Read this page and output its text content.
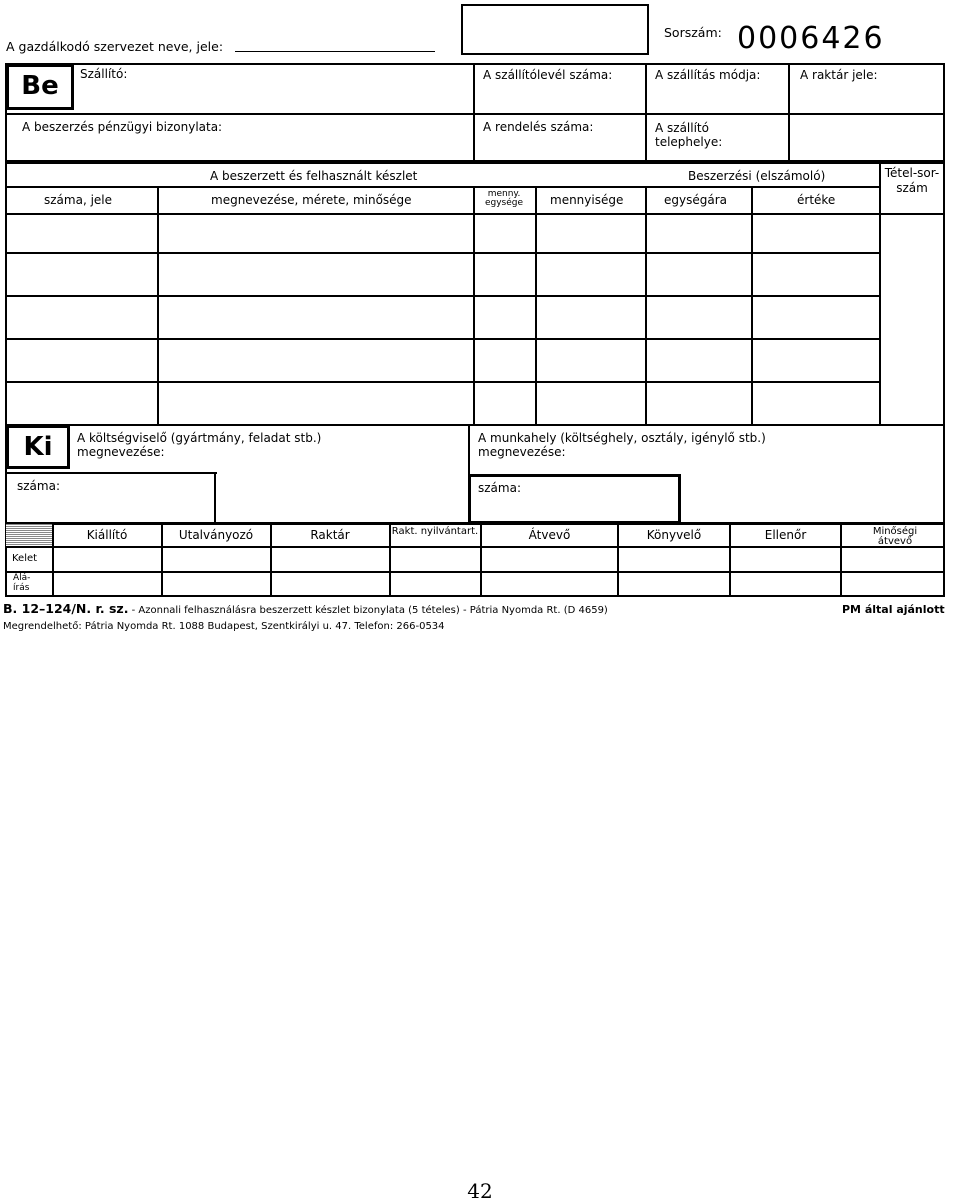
A gazdálkodó szervezet neve, jele:
Sorszám: 0006426
Be	Szállító:	A szállítólevél száma:	A szállítás módja:	A raktár jele:
A beszerzés pénzügyi bizonylata:	A rendelés száma:	A szállító telephelye:
A beszerzett és felhasznált készlet	Beszerzési (elszámoló)
száma, jele	megnevezése, mérete, minősége	menny. egysége	mennyisége	egységára	értéke
Tétel-sor-szám
Ki	A költségviselő (gyártmány, feladat stb.) megnevezése:
A munkahely (költséghely, osztály, igénylő stb.) megnevezése:
száma:	száma:
Kiállító	Utalványozó	Raktár	Rakt. nyilvántart.	Átvevő	Könyvelő	Ellenőr	Minőségi átvevő
Kelet
Alá-írás
B. 12–124/N. r. sz. - Azonnali felhasználásra beszerzett készlet bizonylata (5 tételes) - Pátria Nyomda Rt. (D 4659)	PM által ajánlott
Megrendelhető: Pátria Nyomda Rt. 1088 Budapest, Szentkirályi u. 47. Telefon: 266-0534
42
